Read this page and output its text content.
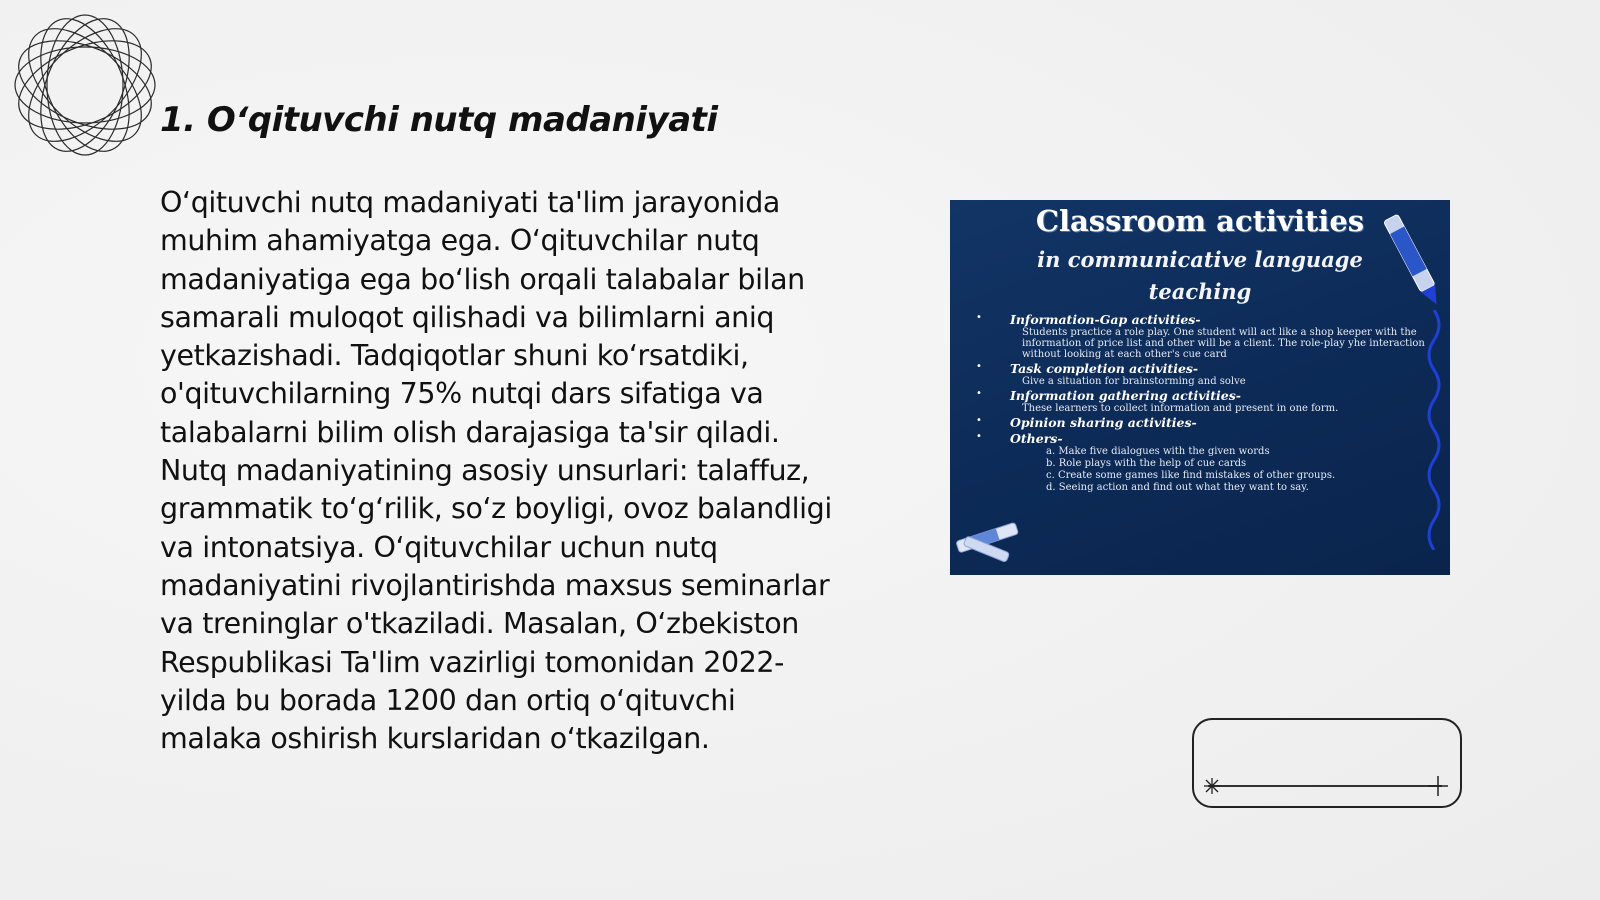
1. O‘qituvchi nutq madaniyati

O‘qituvchi nutq madaniyati ta'lim jarayonida muhim ahamiyatga ega. O‘qituvchilar nutq madaniyatiga ega bo‘lish orqali talabalar bilan samarali muloqot qilishadi va bilimlarni aniq yetkazishadi. Tadqiqotlar shuni ko‘rsatdiki, o'qituvchilarning 75% nutqi dars sifatiga va talabalarni bilim olish darajasiga ta'sir qiladi. Nutq madaniyatining asosiy unsurlari: talaffuz, grammatik to‘g‘rilik, so‘z boyligi, ovoz balandligi va intonatsiya. O‘qituvchilar uchun nutq madaniyatini rivojlantirishda maxsus seminarlar va treninglar o'tkaziladi. Masalan, O‘zbekiston Respublikasi Ta'lim vazirligi tomonidan 2022-yilda bu borada 1200 dan ortiq o‘qituvchi malaka oshirish kurslaridan o‘tkazilgan.

Classroom activities
in communicative language teaching
• Information-Gap activities-
Students practice a role play. One student will act like a shop keeper with the information of price list and other will be a client. The role-play yhe interaction without looking at each other's cue card
• Task completion activities-
Give a situation for brainstorming and solve
• Information gathering activities-
These learners to collect information and present in one form.
• Opinion sharing activities-
• Others-
a. Make five dialogues with the given words
b. Role plays with the help of cue cards
c. Create some games like find mistakes of other groups.
d. Seeing action and find out what they want to say.
